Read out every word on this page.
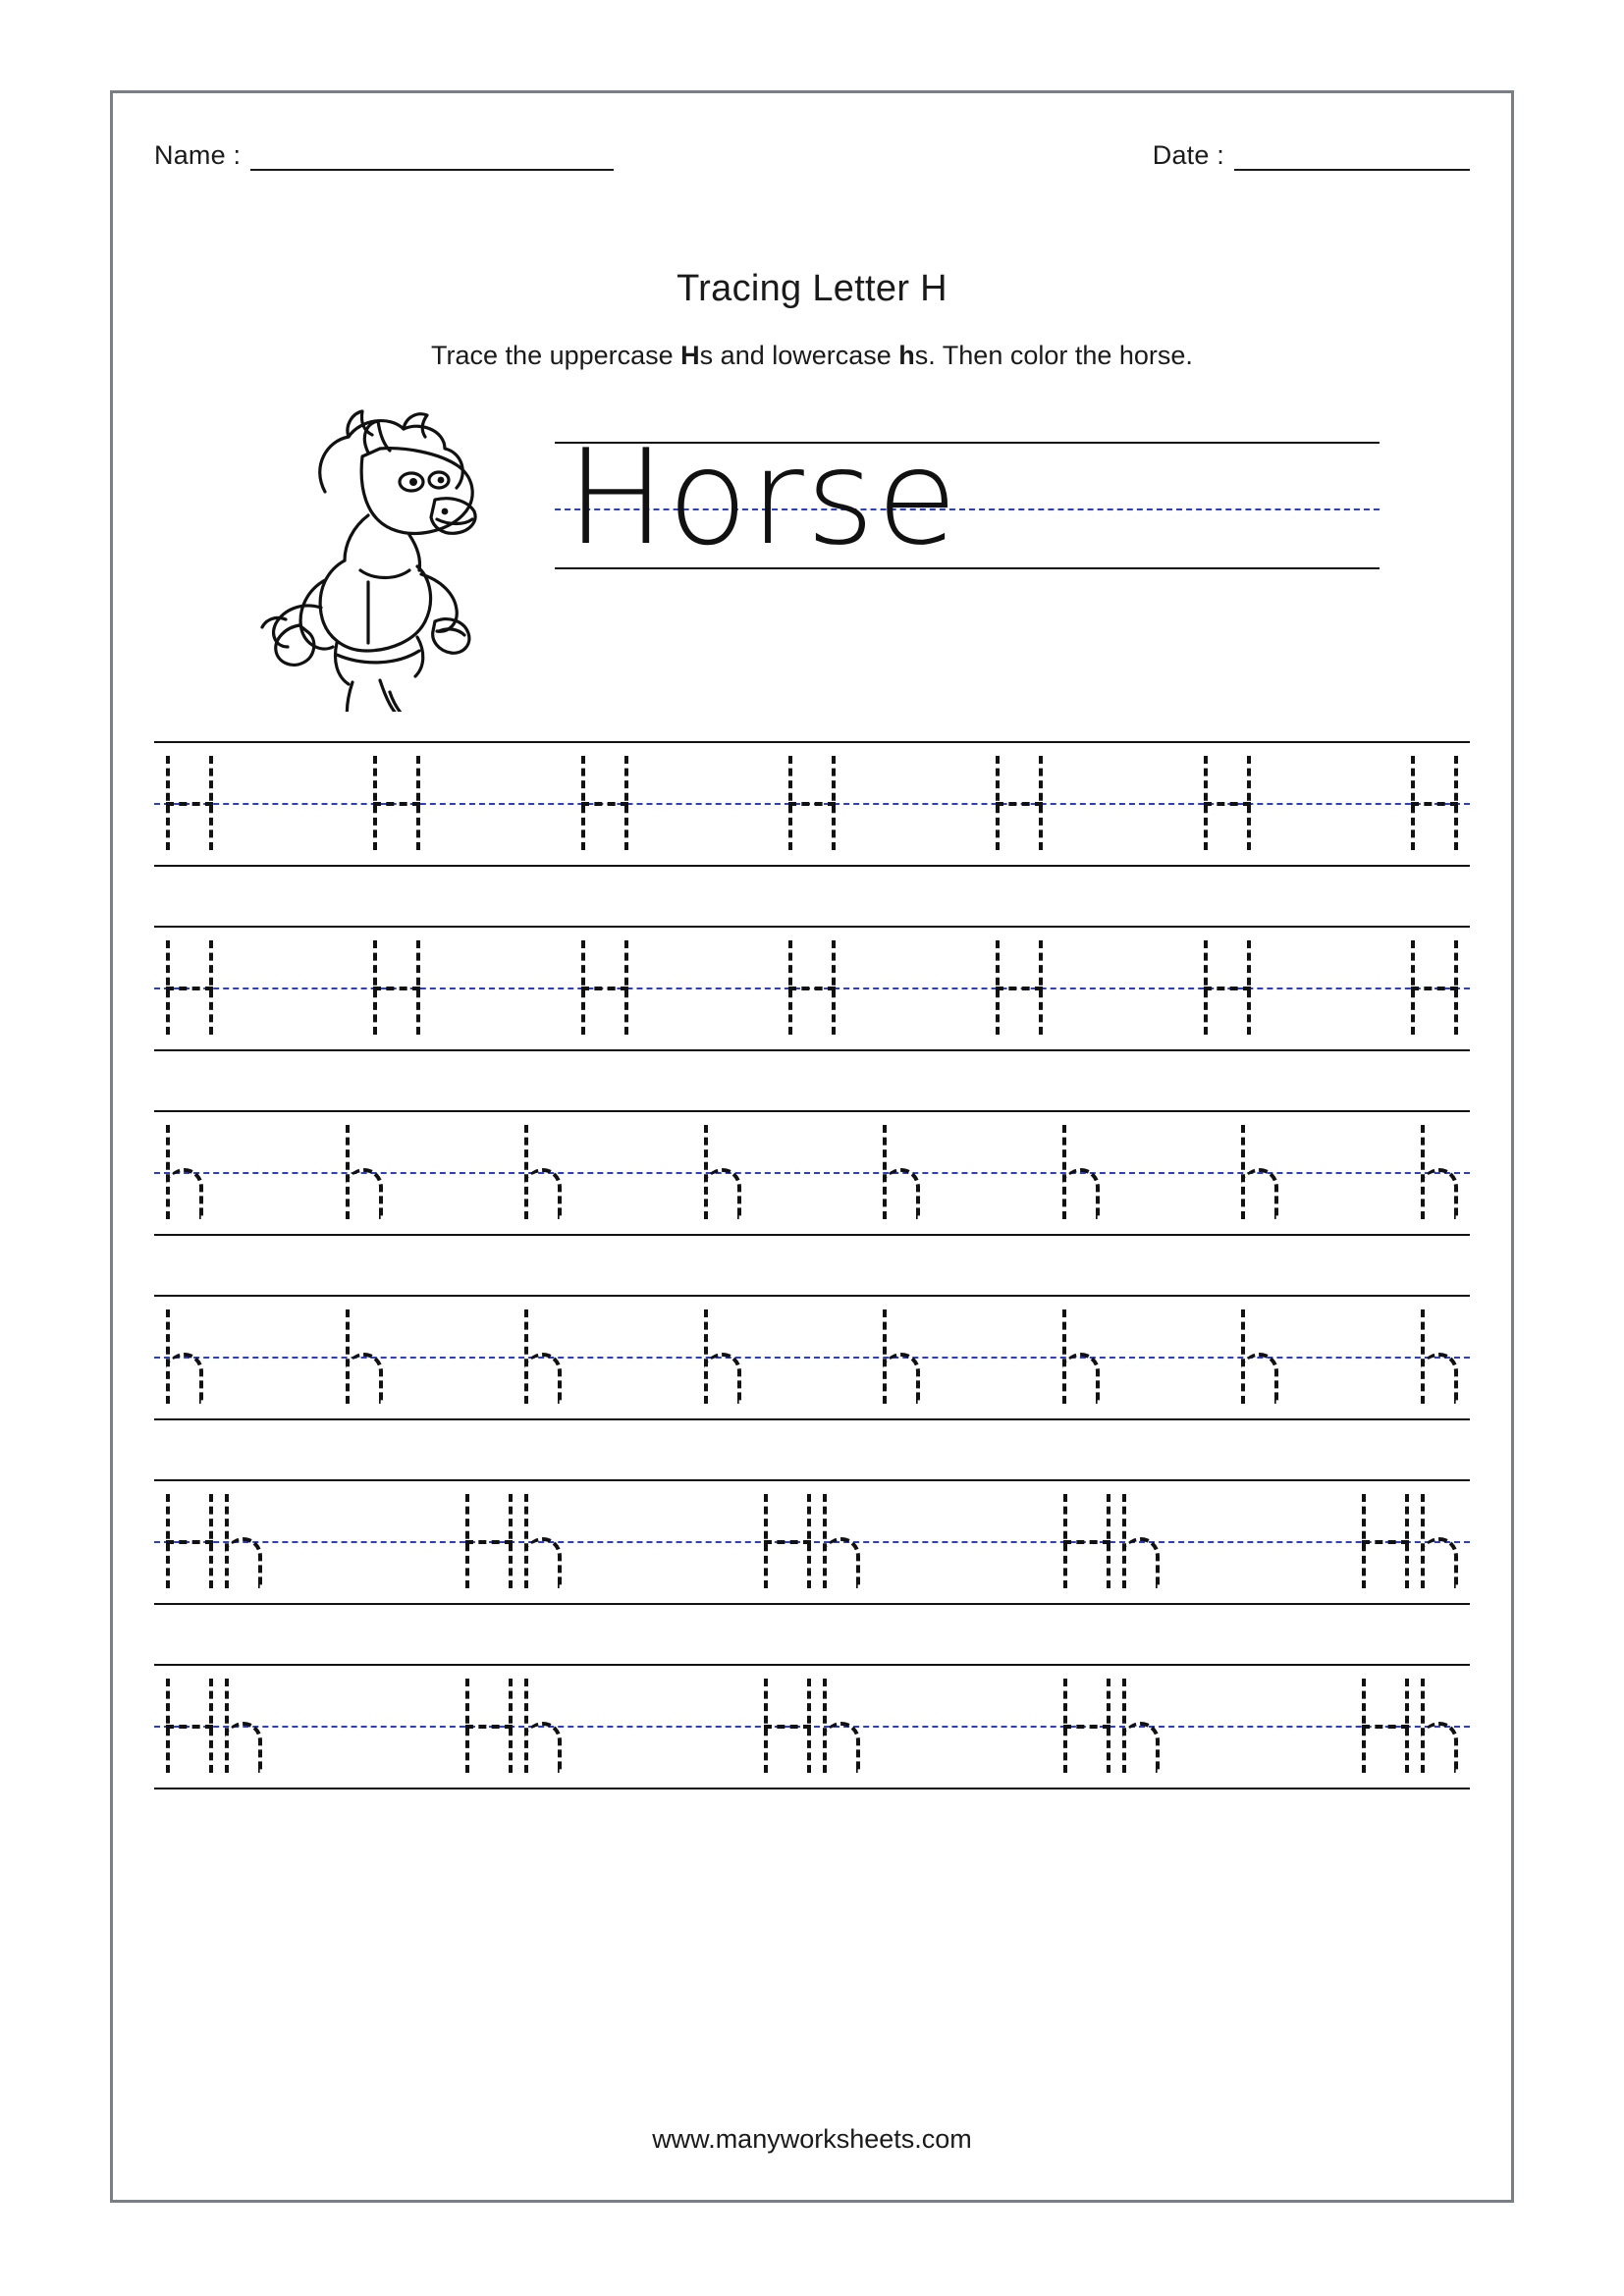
Name :	Date :
Tracing Letter H
Trace the uppercase Hs and lowercase hs. Then color the horse.
Horse
www.manyworksheets.com
